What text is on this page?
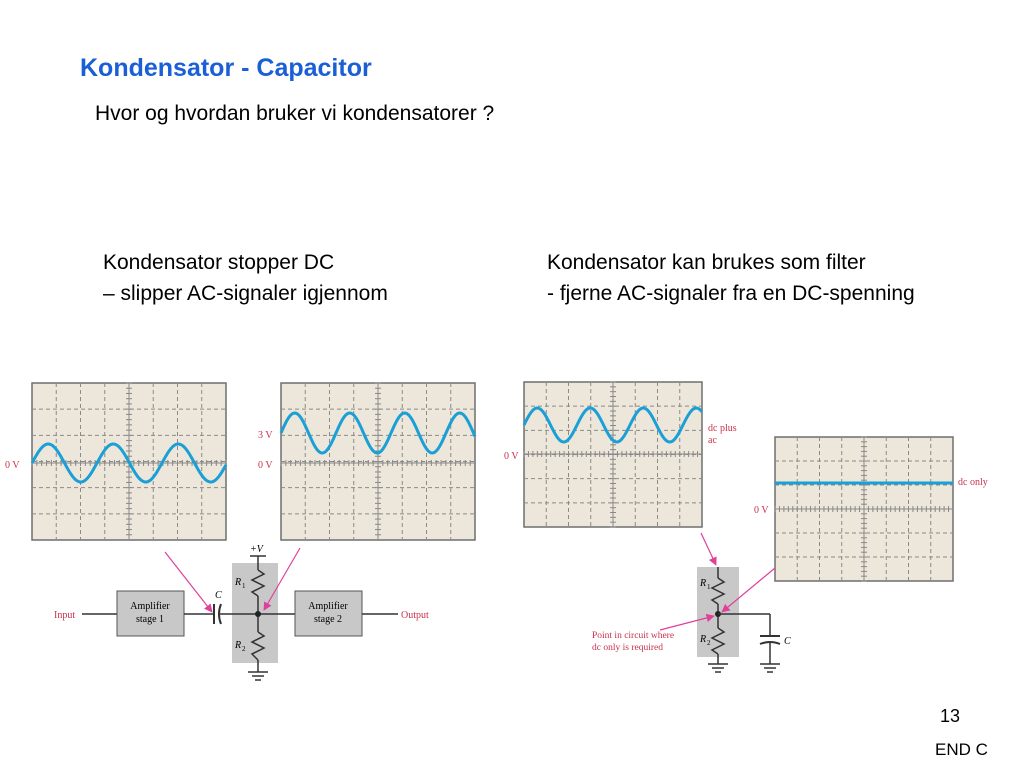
Kondensator - Capacitor
Hvor og hvordan bruker vi kondensatorer ?
Kondensator stopper DC
– slipper AC-signaler igjennom
Kondensator kan brukes som filter
- fjerne AC-signaler fra en DC-spenning
0 V
3 V
0 V
+V
R 1
R 2
Input
Amplifier
stage 1
C
Amplifier
stage 2	Output
0 V
dc plus
ac
0 V
dc only
C
R 1
R 2
Point in circuit where
dc only is required
13
END C
